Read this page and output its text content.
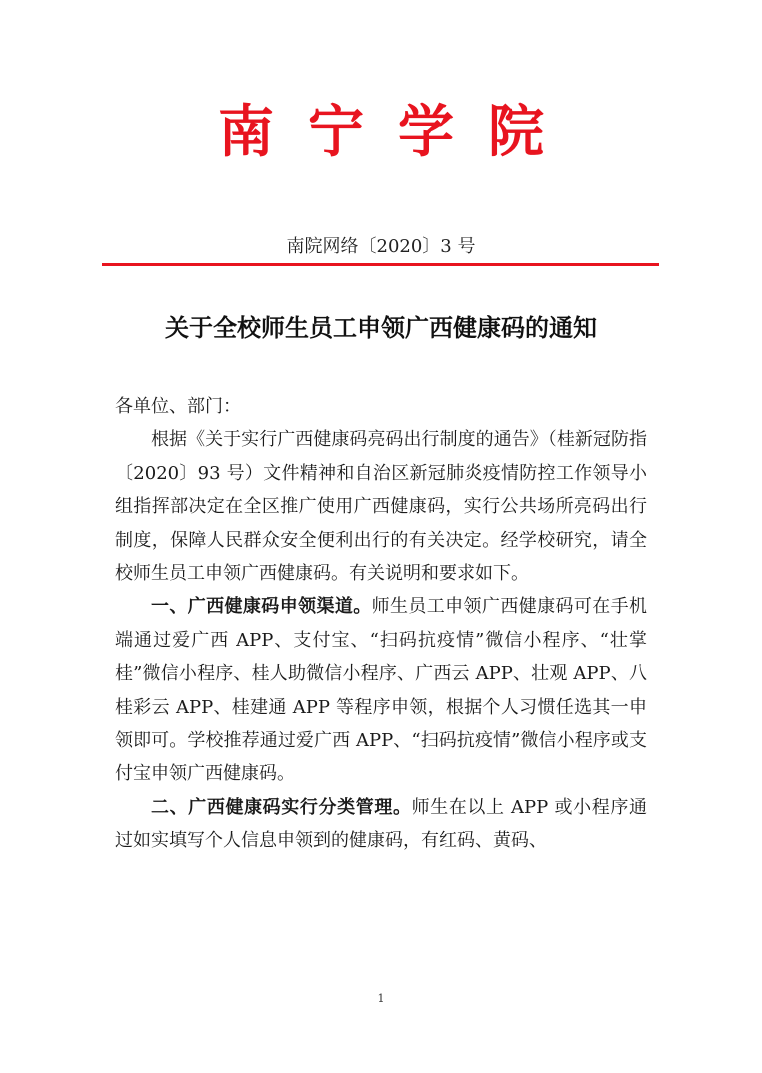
南宁学院
南院网络〔2020〕3 号
关于全校师生员工申领广西健康码的通知

各单位、部门：

根据《关于实行广西健康码亮码出行制度的通告》（桂新冠防指〔2020〕93 号）文件精神和自治区新冠肺炎疫情防控工作领导小组指挥部决定在全区推广使用广西健康码，实行公共场所亮码出行制度，保障人民群众安全便利出行的有关决定。经学校研究，请全校师生员工申领广西健康码。有关说明和要求如下。

一、广西健康码申领渠道。师生员工申领广西健康码可在手机端通过爱广西 APP、支付宝、“扫码抗疫情”微信小程序、“壮掌桂”微信小程序、桂人助微信小程序、广西云 APP、壮观 APP、八桂彩云 APP、桂建通 APP 等程序申领，根据个人习惯任选其一申领即可。学校推荐通过爱广西 APP、“扫码抗疫情”微信小程序或支付宝申领广西健康码。

二、广西健康码实行分类管理。师生在以上 APP 或小程序通过如实填写个人信息申领到的健康码，有红码、黄码、

1
